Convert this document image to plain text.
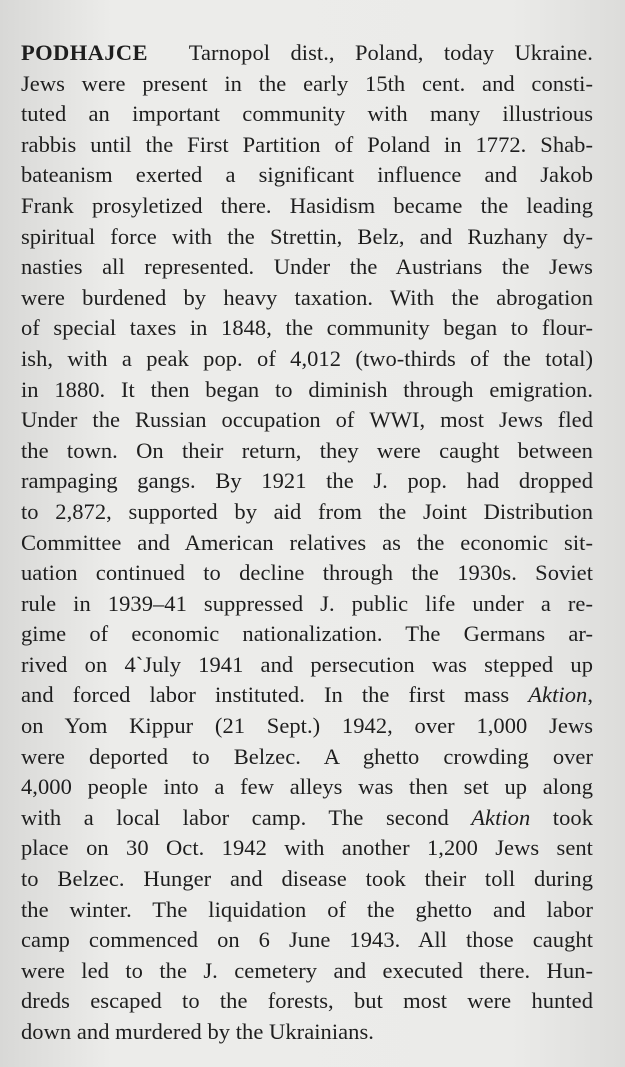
PODHAJCE Tarnopol dist., Poland, today Ukraine.
Jews were present in the early 15th cent. and consti-
tuted an important community with many illustrious
rabbis until the First Partition of Poland in 1772. Shab-
bateanism exerted a significant influence and Jakob
Frank prosyletized there. Hasidism became the leading
spiritual force with the Strettin, Belz, and Ruzhany dy-
nasties all represented. Under the Austrians the Jews
were burdened by heavy taxation. With the abrogation
of special taxes in 1848, the community began to flour-
ish, with a peak pop. of 4,012 (two-thirds of the total)
in 1880. It then began to diminish through emigration.
Under the Russian occupation of WWI, most Jews fled
the town. On their return, they were caught between
rampaging gangs. By 1921 the J. pop. had dropped
to 2,872, supported by aid from the Joint Distribution
Committee and American relatives as the economic sit-
uation continued to decline through the 1930s. Soviet
rule in 1939–41 suppressed J. public life under a re-
gime of economic nationalization. The Germans ar-
rived on 4`July 1941 and persecution was stepped up
and forced labor instituted. In the first mass Aktion,
on Yom Kippur (21 Sept.) 1942, over 1,000 Jews
were deported to Belzec. A ghetto crowding over
4,000 people into a few alleys was then set up along
with a local labor camp. The second Aktion took
place on 30 Oct. 1942 with another 1,200 Jews sent
to Belzec. Hunger and disease took their toll during
the winter. The liquidation of the ghetto and labor
camp commenced on 6 June 1943. All those caught
were led to the J. cemetery and executed there. Hun-
dreds escaped to the forests, but most were hunted
down and murdered by the Ukrainians.
